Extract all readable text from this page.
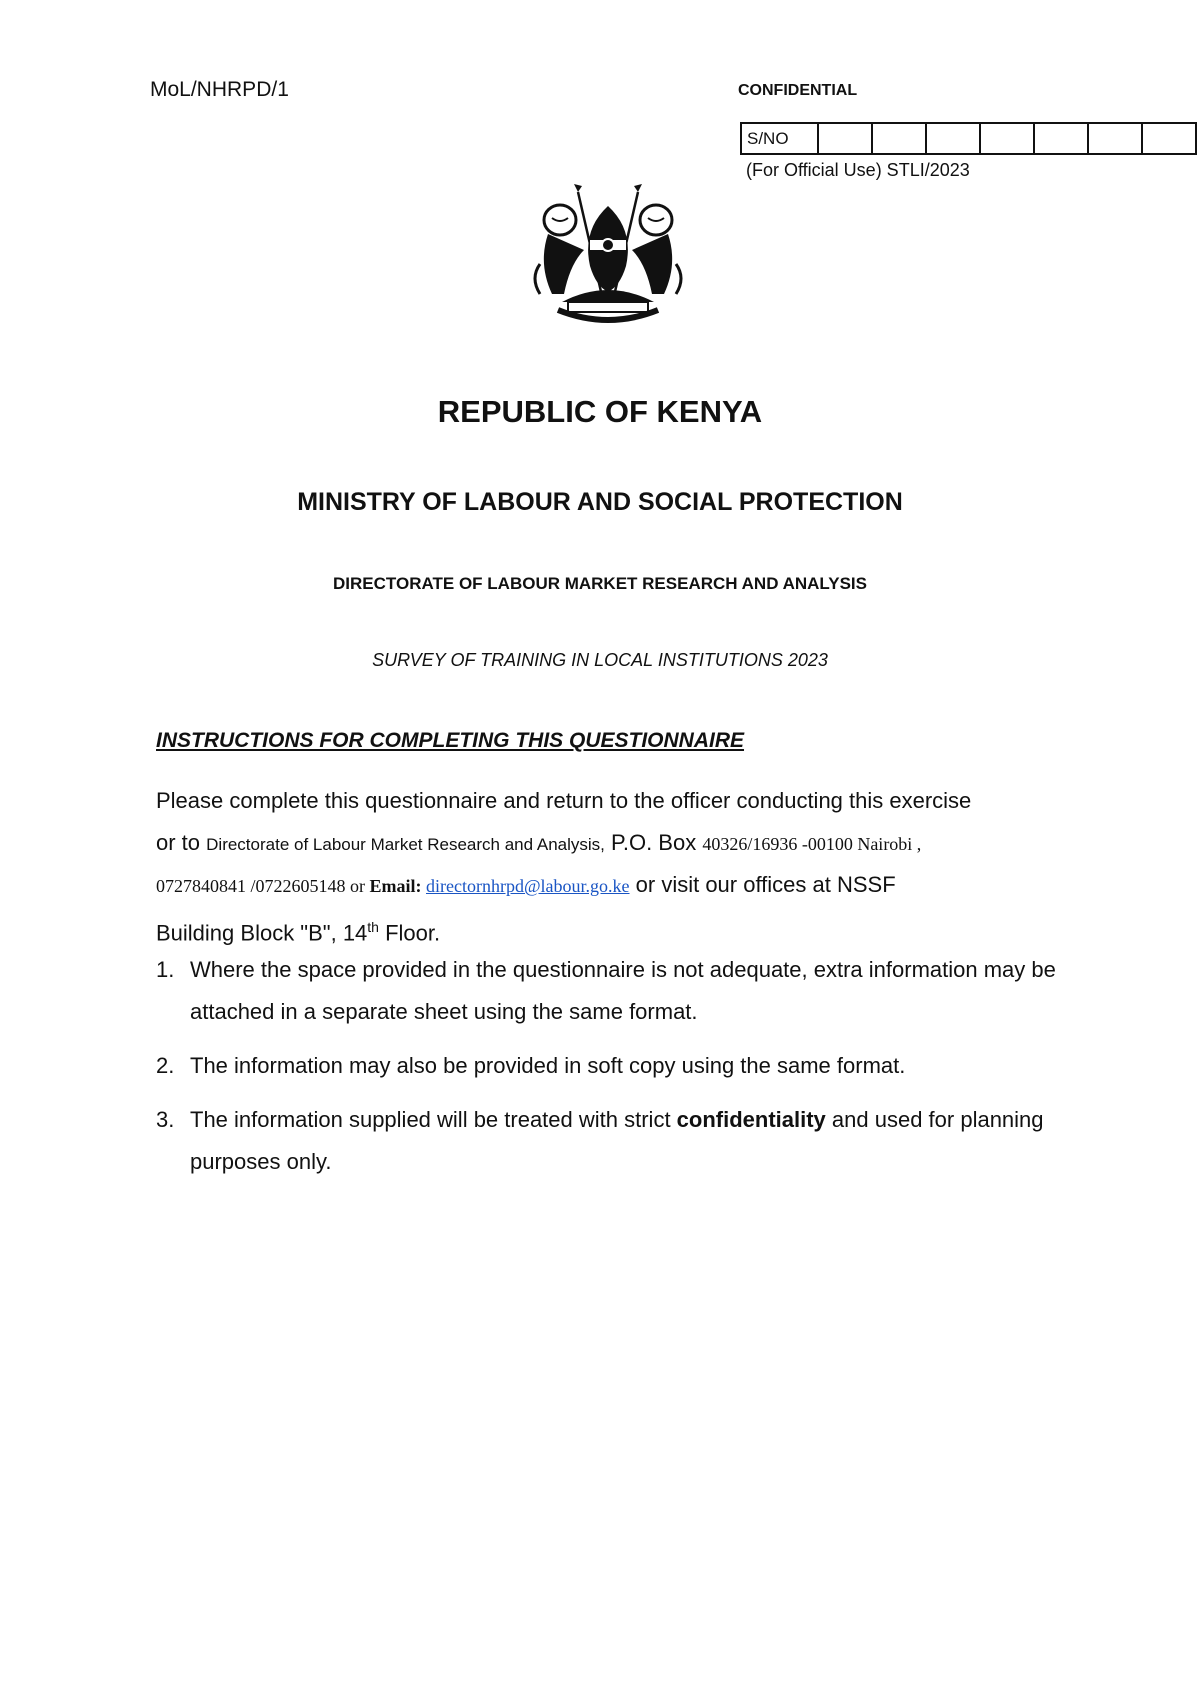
MoL/NHRPD/1	CONFIDENTIAL
S/NO							
(For Official Use) STLI/2023
REPUBLIC OF KENYA
MINISTRY OF LABOUR AND SOCIAL PROTECTION
DIRECTORATE OF LABOUR MARKET RESEARCH AND ANALYSIS
SURVEY OF TRAINING IN LOCAL INSTITUTIONS 2023
INSTRUCTIONS FOR COMPLETING THIS QUESTIONNAIRE
Please complete this questionnaire and return to the officer conducting this exercise
or to Directorate of Labour Market Research and Analysis, P.O. Box 40326/16936 -00100 Nairobi ,
0727840841 /0722605148 or Email: directornhrpd@labour.go.ke or visit our offices at NSSF
Building Block "B", 14th Floor.
1. Where the space provided in the questionnaire is not adequate, extra information may be attached in a separate sheet using the same format.
2. The information may also be provided in soft copy using the same format.
3. The information supplied will be treated with strict confidentiality and used for planning purposes only.
